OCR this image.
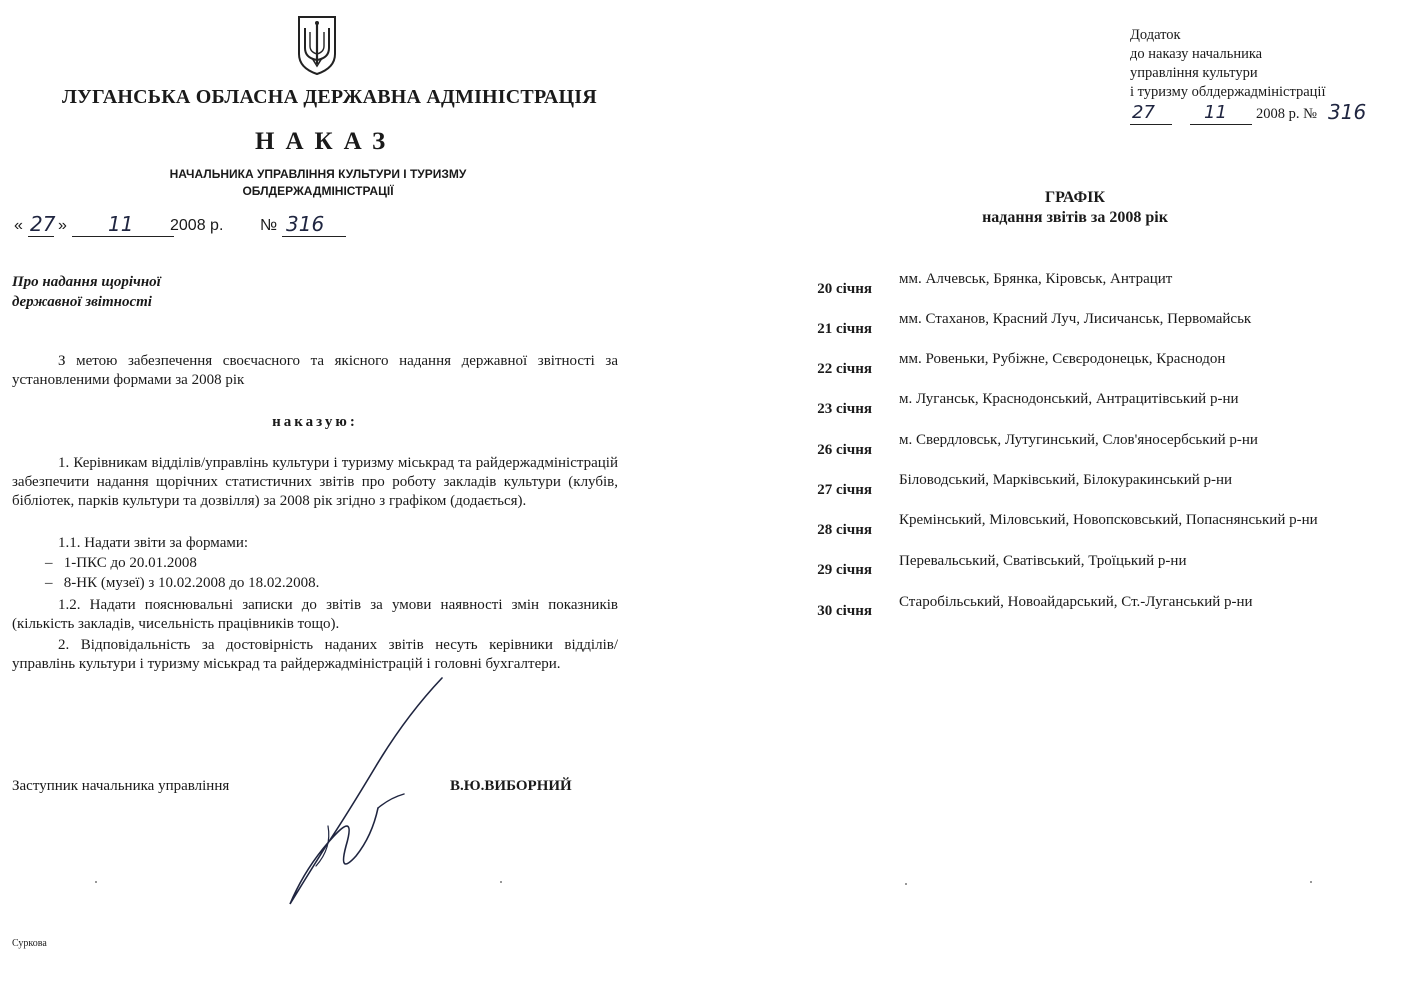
ЛУГАНСЬКА ОБЛАСНА ДЕРЖАВНА АДМІНІСТРАЦІЯ
НАКАЗ
НАЧАЛЬНИКА УПРАВЛІННЯ КУЛЬТУРИ І ТУРИЗМУ
ОБЛДЕРЖАДМІНІСТРАЦІЇ
« 27 » 11 2008 р. № 316
Про надання щорічної
державної звітності
З метою забезпечення своєчасного та якісного надання державної звітності за установленими формами за 2008 рік
наказую:
1. Керівникам відділів/управлінь культури і туризму міськрад та райдержадміністрацій забезпечити надання щорічних статистичних звітів про роботу закладів культури (клубів, бібліотек, парків культури та дозвілля) за 2008 рік згідно з графіком (додається).
1.1. Надати звіти за формами:
–   1-ПКС до 20.01.2008
–   8-НК (музеї) з 10.02.2008 до 18.02.2008.
1.2. Надати пояснювальні записки до звітів за умови наявності змін показників (кількість закладів, чисельність працівників тощо).
2. Відповідальність за достовірність наданих звітів несуть керівники відділів/управлінь культури і туризму міськрад та райдержадміністрацій і головні бухгалтери.
Заступник начальника управління	В.Ю.ВИБОРНИЙ
Суркова
Додаток
до наказу начальника
управління культури
і туризму облдержадміністрації
27	11 2008 р. № 316
ГРАФІК
надання звітів за 2008 рік
20 січня
мм. Алчевськ, Брянка, Кіровськ, Антрацит
21 січня
мм. Стаханов, Красний Луч, Лисичанськ, Первомайськ
22 січня
мм. Ровеньки, Рубіжне, Сєвєродонецьк, Краснодон
23 січня
м. Луганськ, Краснодонський, Антрацитівський р-ни
26 січня
м. Свердловськ, Лутугинський, Слов'яносербський р-ни
27 січня
Біловодський, Марківський, Білокуракинський р-ни
28 січня
Кремінський, Міловський, Новопсковський, Попаснянський р-ни
29 січня
Перевальський, Сватівський, Троїцький р-ни
30 січня
Старобільський, Новоайдарський, Ст.-Луганський р-ни
